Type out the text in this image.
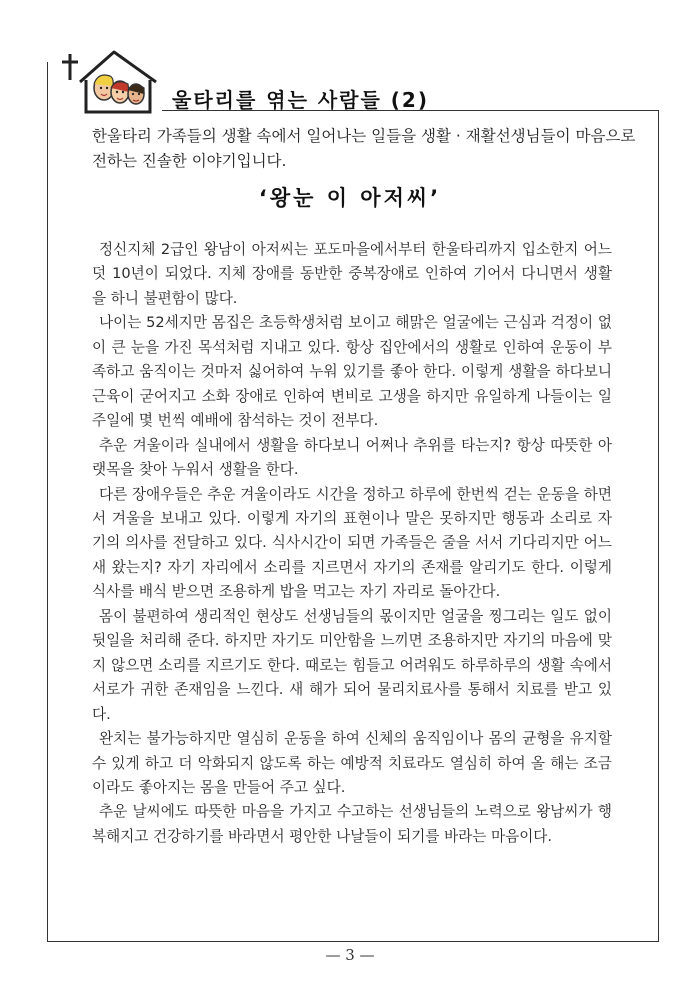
울타리를 엮는 사람들 (2)
한울타리 가족들의 생활 속에서 일어나는 일들을 생활 · 재활선생님들이 마음으로 전하는 진솔한 이야기입니다.
‘왕눈 이 아저씨’

정신지체 2급인 왕남이 아저씨는 포도마을에서부터 한울타리까지 입소한지 어느 덧 10년이 되었다. 지체 장애를 동반한 중복장애로 인하여 기어서 다니면서 생활을 하니 불편함이 많다.

나이는 52세지만 몸집은 초등학생처럼 보이고 해맑은 얼굴에는 근심과 걱정이 없이 큰 눈을 가진 목석처럼 지내고 있다. 항상 집안에서의 생활로 인하여 운동이 부족하고 움직이는 것마저 싫어하여 누워 있기를 좋아 한다. 이렇게 생활을 하다보니 근육이 굳어지고 소화 장애로 인하여 변비로 고생을 하지만 유일하게 나들이는 일주일에 몇 번씩 예배에 참석하는 것이 전부다.

추운 겨울이라 실내에서 생활을 하다보니 어쩌나 추위를 타는지? 항상 따뜻한 아랫목을 찾아 누워서 생활을 한다.

다른 장애우들은 추운 겨울이라도 시간을 정하고 하루에 한번씩 걷는 운동을 하면서 겨울을 보내고 있다. 이렇게 자기의 표현이나 말은 못하지만 행동과 소리로 자기의 의사를 전달하고 있다. 식사시간이 되면 가족들은 줄을 서서 기다리지만 어느 새 왔는지? 자기 자리에서 소리를 지르면서 자기의 존재를 알리기도 한다. 이렇게 식사를 배식 받으면 조용하게 밥을 먹고는 자기 자리로 돌아간다.

몸이 불편하여 생리적인 현상도 선생님들의 몫이지만 얼굴을 찡그리는 일도 없이 뒷일을 처리해 준다. 하지만 자기도 미안함을 느끼면 조용하지만 자기의 마음에 맞지 않으면 소리를 지르기도 한다. 때로는 힘들고 어려워도 하루하루의 생활 속에서 서로가 귀한 존재임을 느낀다. 새 해가 되어 물리치료사를 통해서 치료를 받고 있다.

완치는 불가능하지만 열심히 운동을 하여 신체의 움직임이나 몸의 균형을 유지할 수 있게 하고 더 악화되지 않도록 하는 예방적 치료라도 열심히 하여 올 해는 조금이라도 좋아지는 몸을 만들어 주고 싶다.

추운 날씨에도 따뜻한 마음을 가지고 수고하는 선생님들의 노력으로 왕남씨가 행복해지고 건강하기를 바라면서 평안한 나날들이 되기를 바라는 마음이다.

— 3 —
